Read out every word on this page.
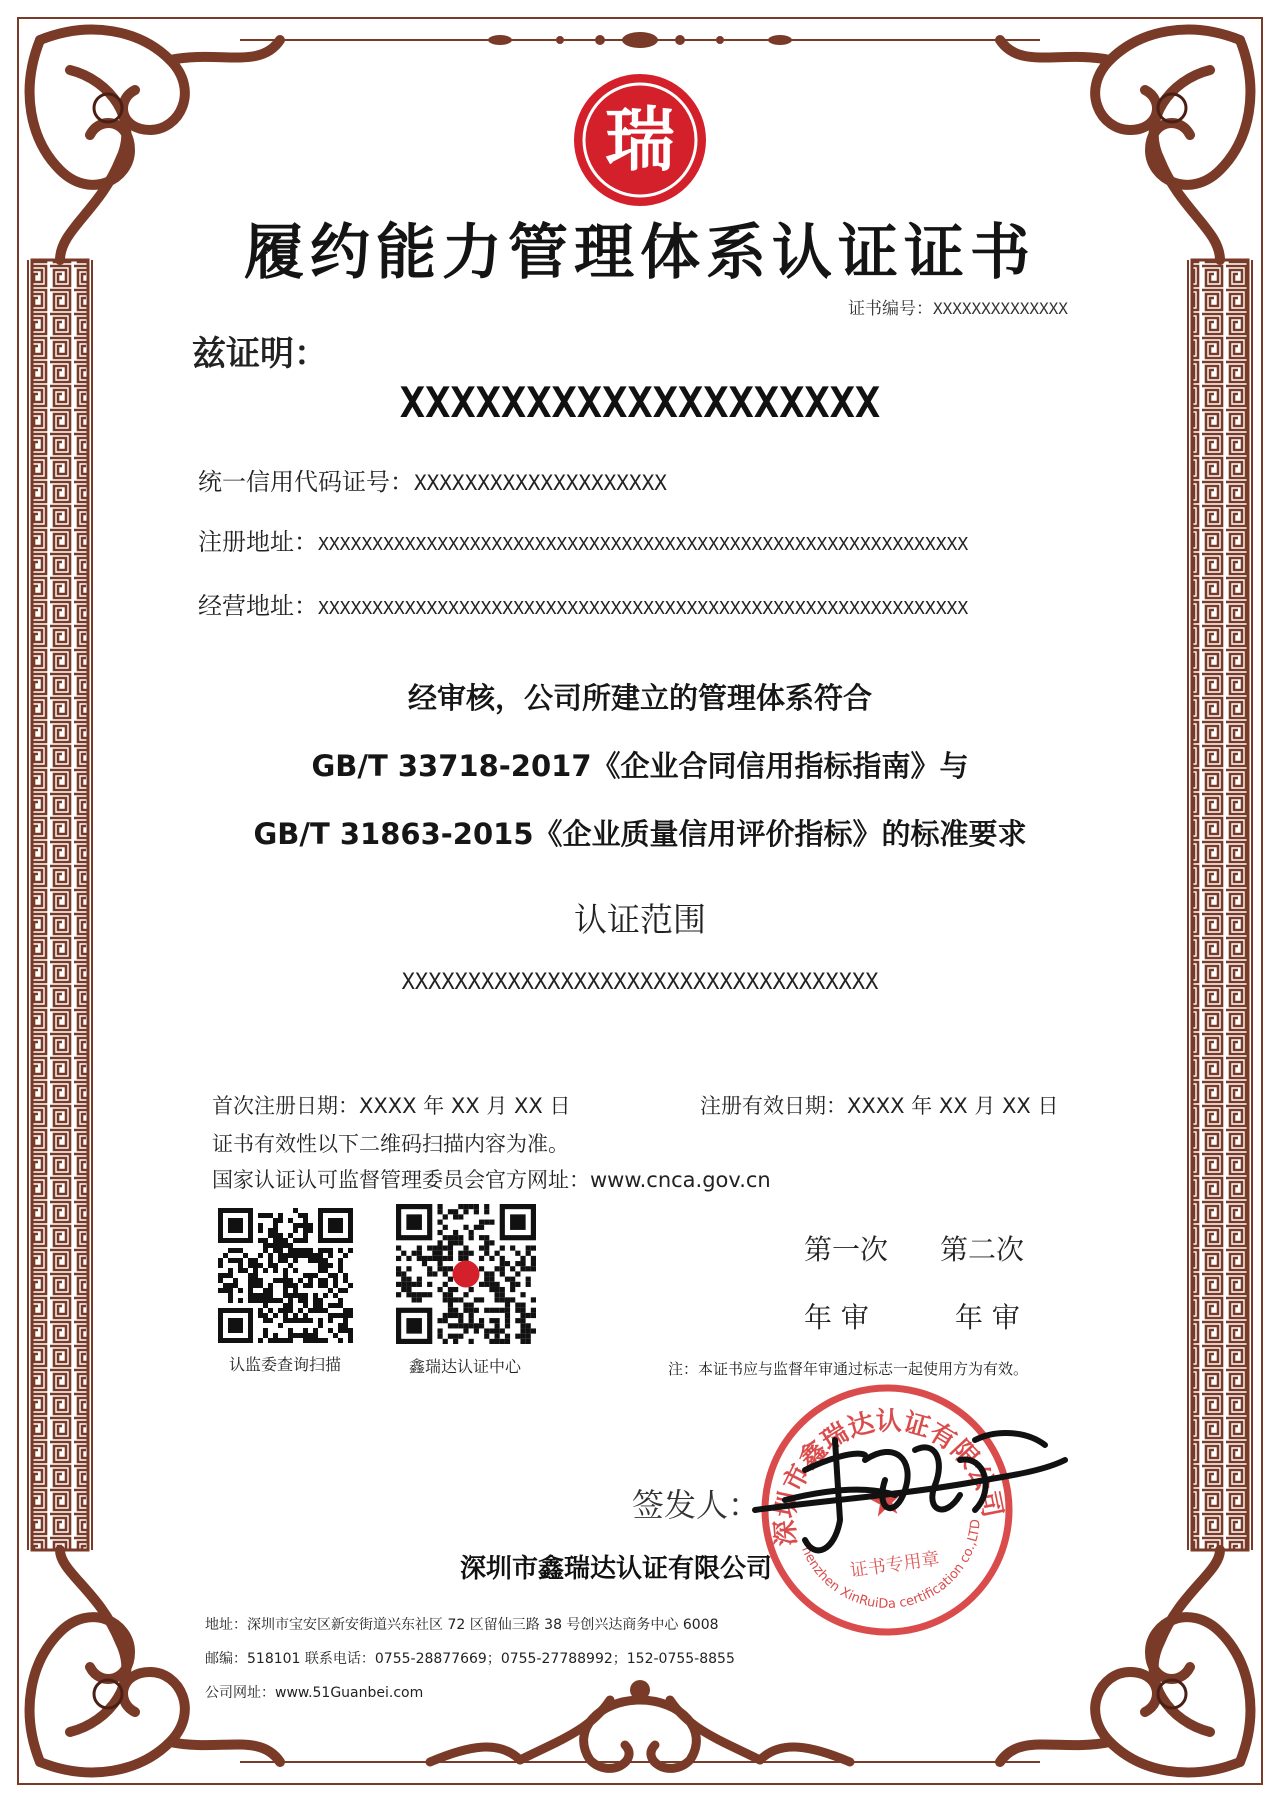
瑞
履约能力管理体系认证证书
证书编号：XXXXXXXXXXXXXX
兹证明：
XXXXXXXXXXXXXXXXXXX
统一信用代码证号：XXXXXXXXXXXXXXXXXXXX
注册地址：XXXXXXXXXXXXXXXXXXXXXXXXXXXXXXXXXXXXXXXXXXXXXXXXXXXXXXXXXXXX
经营地址：XXXXXXXXXXXXXXXXXXXXXXXXXXXXXXXXXXXXXXXXXXXXXXXXXXXXXXXXXXXX
经审核，公司所建立的管理体系符合
GB/T 33718-2017《企业合同信用指标指南》与
GB/T 31863-2015《企业质量信用评价指标》的标准要求
认证范围
XXXXXXXXXXXXXXXXXXXXXXXXXXXXXXXXXXXX
首次注册日期：XXXX 年 XX 月 XX 日	注册有效日期：XXXX 年 XX 月 XX 日
证书有效性以下二维码扫描内容为准。
国家认证认可监督管理委员会官方网址：www.cnca.gov.cn
认监委查询扫描	鑫瑞达认证中心
第一次 第二次
年 审	年 审
注：本证书应与监督年审通过标志一起使用方为有效。
签发人：
深圳市鑫瑞达认证有限公司
Shenzhen XinRuiDa certification co.,LTD.
★
证书专用章
深圳市鑫瑞达认证有限公司
地址：深圳市宝安区新安街道兴东社区 72 区留仙三路 38 号创兴达商务中心 6008
邮编：518101 联系电话：0755-28877669；0755-27788992；152-0755-8855
公司网址：www.51Guanbei.com
